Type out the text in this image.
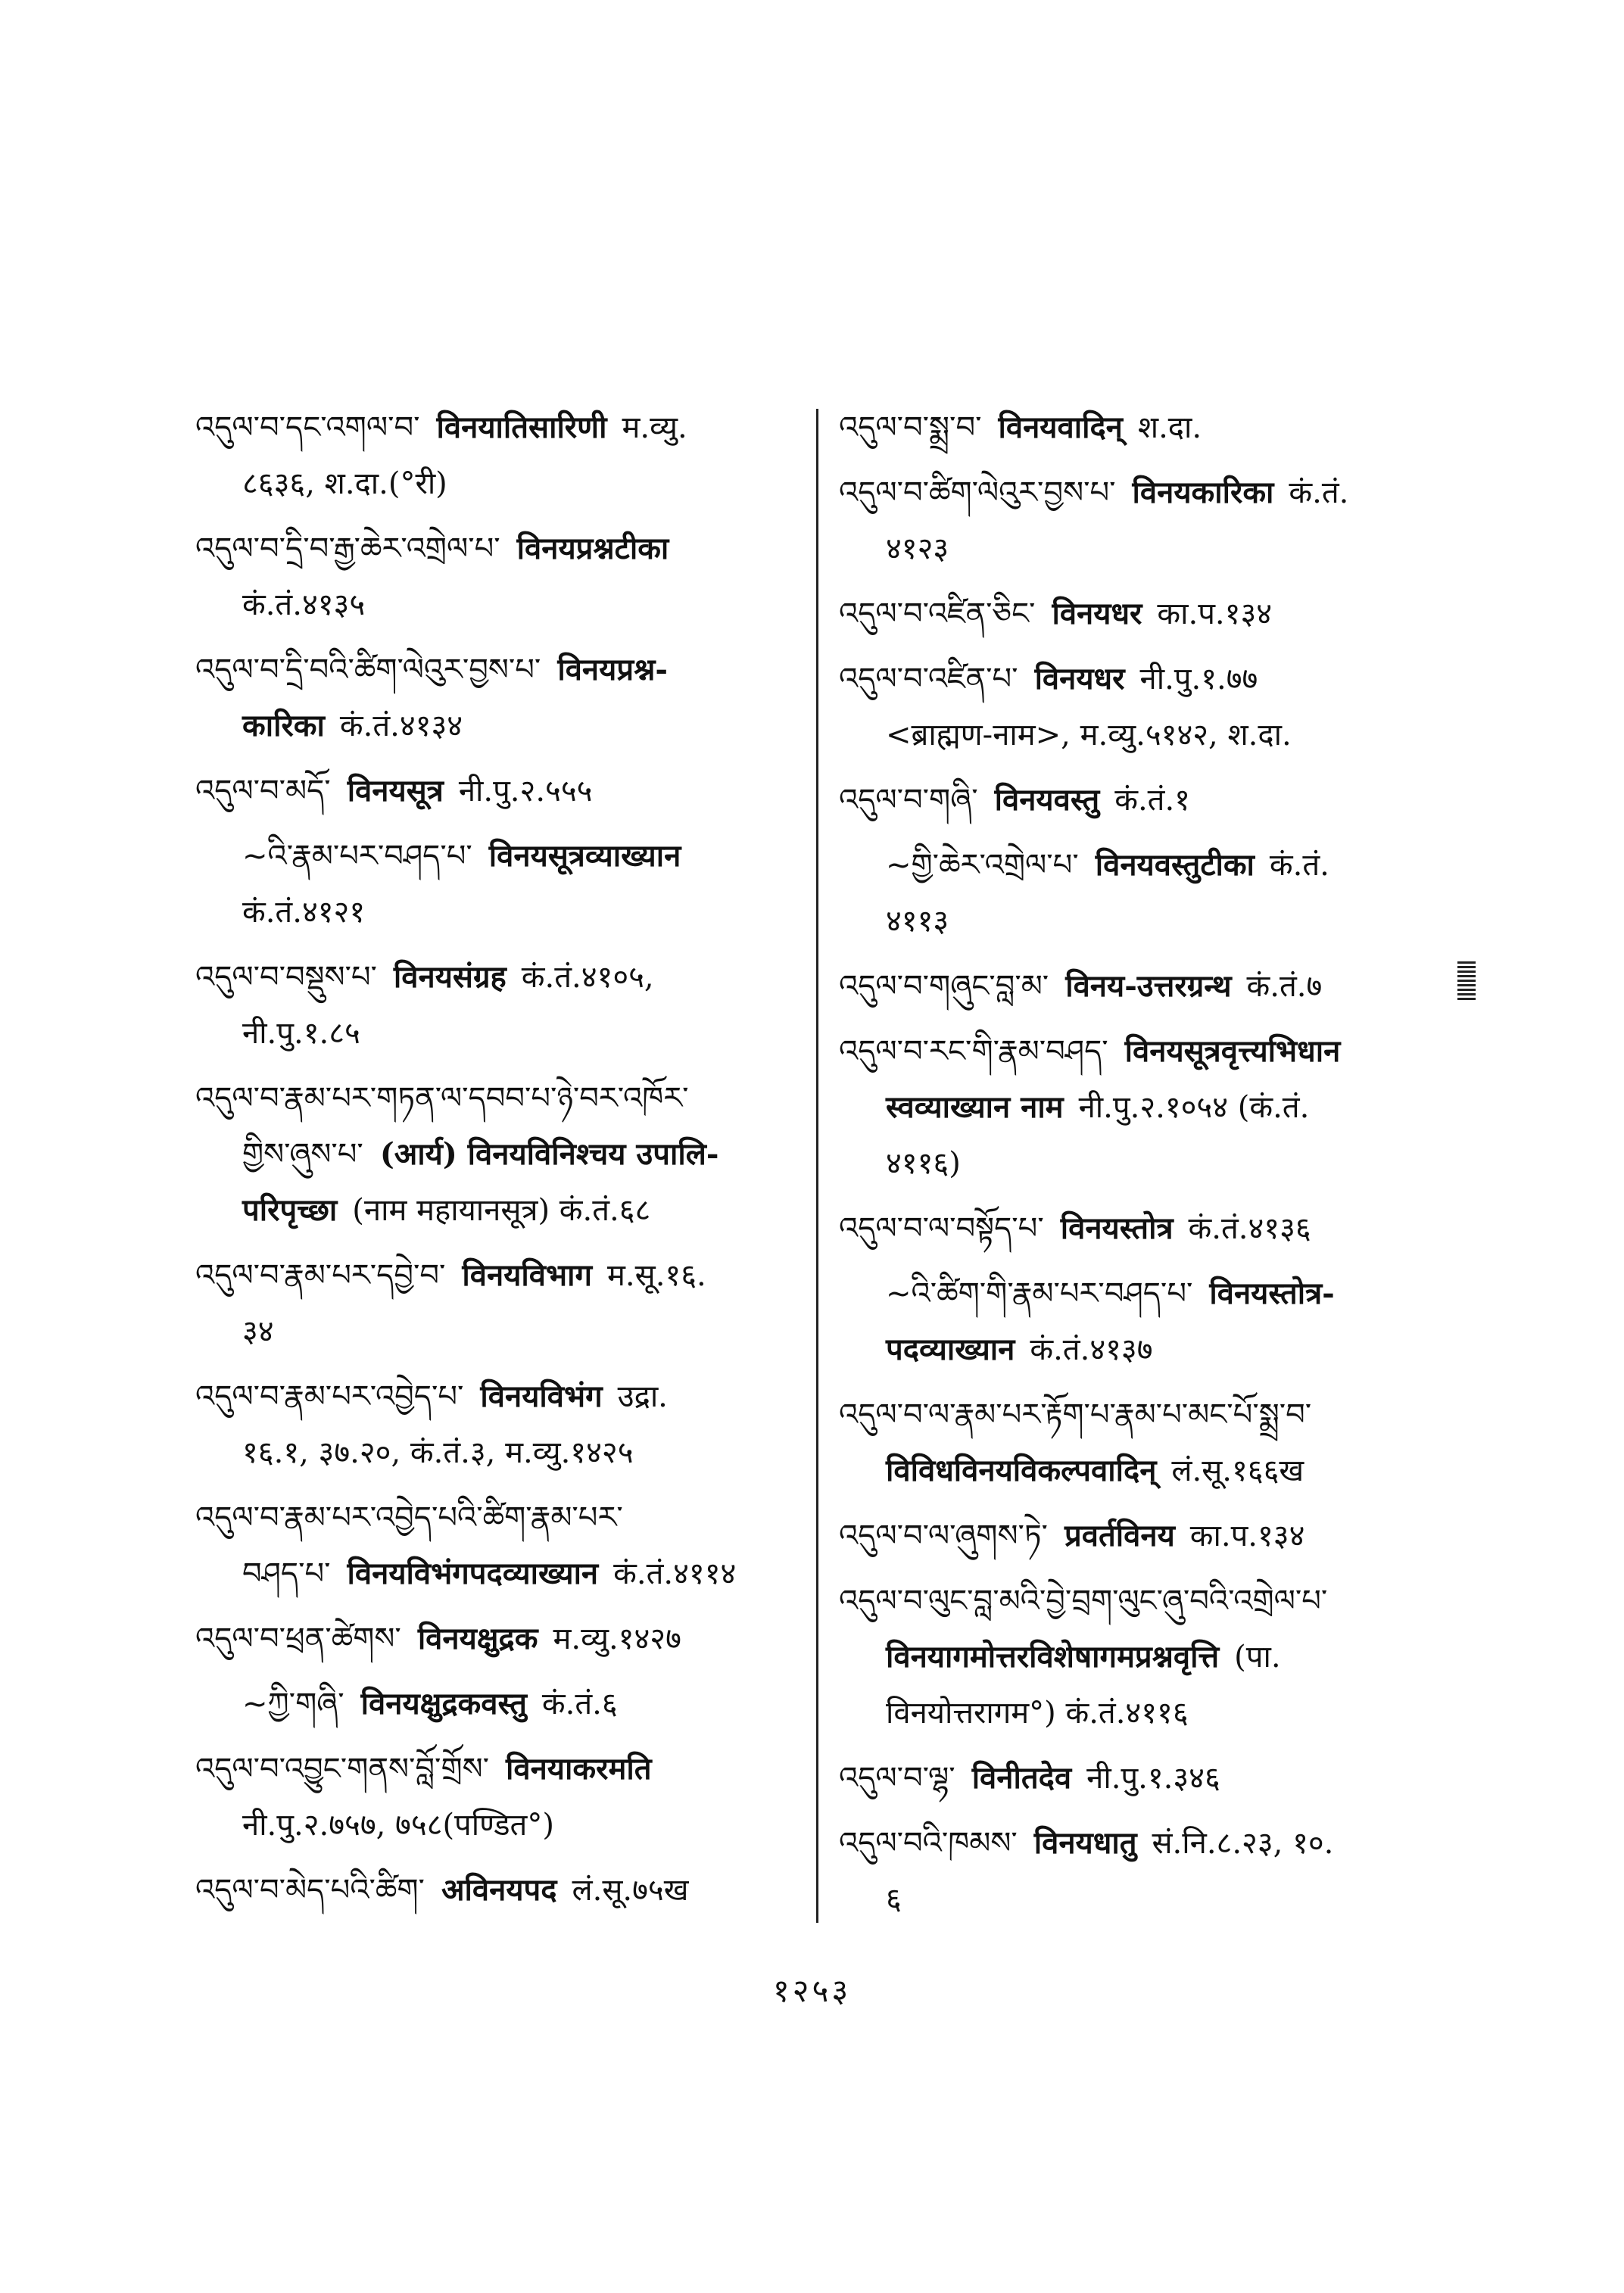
འདུལ་བ་དང་འགལ་བ་ विनयातिसारिणी म.व्यु.
८६३६, श.दा.(°री)
འདུལ་བ་དྲི་བ་རྒྱ་ཆེར་འགྲེལ་པ་ विनयप्रश्नटीका
कं.तं.४१३५
འདུལ་བ་དྲི་བའི་ཚིག་ལེའུར་བྱས་པ་ विनयप्रश्न-
कारिका कं.तं.४१३४
འདུལ་བ་མདོ་ विनयसूत्र नी.पु.२.५५५
~འི་རྣམ་པར་བཤད་པ་ विनयसूत्रव्याख्यान
कं.तं.४१२१
འདུལ་བ་བསྡུས་པ་ विनयसंग्रह कं.तं.४१०५,
नी.पु.१.८५
འདུལ་བ་རྣམ་པར་གཏན་ལ་དབབ་པ་ཉེ་བར་འཁོར་
གྱིས་ཞུས་པ་ (आर्य) विनयविनिश्चय उपालि-
परिपृच्छा (नाम महायानसूत्र) कं.तं.६८
འདུལ་བ་རྣམ་པར་དབྱེ་བ་ विनयविभाग म.सू.१६.
३४
འདུལ་བ་རྣམ་པར་འབྱེད་པ་ विनयविभंग उद्रा.
१६.१, ३७.२०, कं.तं.३, म.व्यु.१४२५
འདུལ་བ་རྣམ་པར་འབྱེད་པའི་ཚིག་རྣམ་པར་
བཤད་པ་ विनयविभंगपदव्याख्यान कं.तं.४११४
འདུལ་བ་ཕྲན་ཚེགས་ विनयक्षुद्रक म.व्यु.१४२७
~ཀྱི་གཞི་ विनयक्षुद्रकवस्तु कं.तं.६
འདུལ་བ་འབྱུང་གནས་བློ་གྲོས་ विनयाकरमति
नी.पु.२.७५७, ७५८(पण्डित°)
འདུལ་བ་མེད་པའི་ཚིག་ अविनयपद लं.सू.७५ख
འདུལ་བ་སྨྲ་བ་ विनयवादिन् श.दा.
འདུལ་བ་ཚིག་ལེའུར་བྱས་པ་ विनयकारिका कं.तं.
४१२३
འདུལ་བ་འཛིན་ཅིང་ विनयधर का.प.१३४
འདུལ་བ་འཛིན་པ་ विनयधर नी.पु.१.७७
<ब्राह्मण-नाम>, म.व्यु.५१४२, श.दा.
འདུལ་བ་གཞི་ विनयवस्तु कं.तं.१
~གྱི་ཆེར་འགྲེལ་པ་ विनयवस्तुटीका कं.तं.
४११३
འདུལ་བ་གཞུང་བླ་མ་ विनय-उत्तरग्रन्थ कं.तं.७
འདུལ་བ་རང་གི་རྣམ་བཤད་ विनयसूत्रवृत्त्यभिधान
स्वव्याख्यान नाम नी.पु.२.१०५४ (कं.तं.
४११६)
འདུལ་བ་ལ་བསྟོད་པ་ विनयस्तोत्र कं.तं.४१३६
~འི་ཚིག་གི་རྣམ་པར་བཤད་པ་ विनयस्तोत्र-
पदव्याख्यान कं.तं.४१३७
འདུལ་བ་ལ་རྣམ་པར་རྟོག་པ་རྣམ་པ་མང་པོ་སྨྲ་བ་
विविधविनयविकल्पवादिन् लं.सू.१६६ख
འདུལ་བ་ལ་ཞུགས་ཏེ་ प्रवर्तविनय का.प.१३४
འདུལ་བ་ལུང་བླ་མའི་བྱེ་བྲག་ལུང་ཞུ་བའི་འགྲེལ་པ་
विनयागमोत्तरविशेषागमप्रश्नवृत्ति (पा.
विनयोत्तरागम°) कं.तं.४११६
འདུལ་བ་ལྷ་ विनीतदेव नी.पु.१.३४६
འདུལ་བའི་ཁམས་ विनयधातु सं.नि.८.२३, १०.
६
१२५३
